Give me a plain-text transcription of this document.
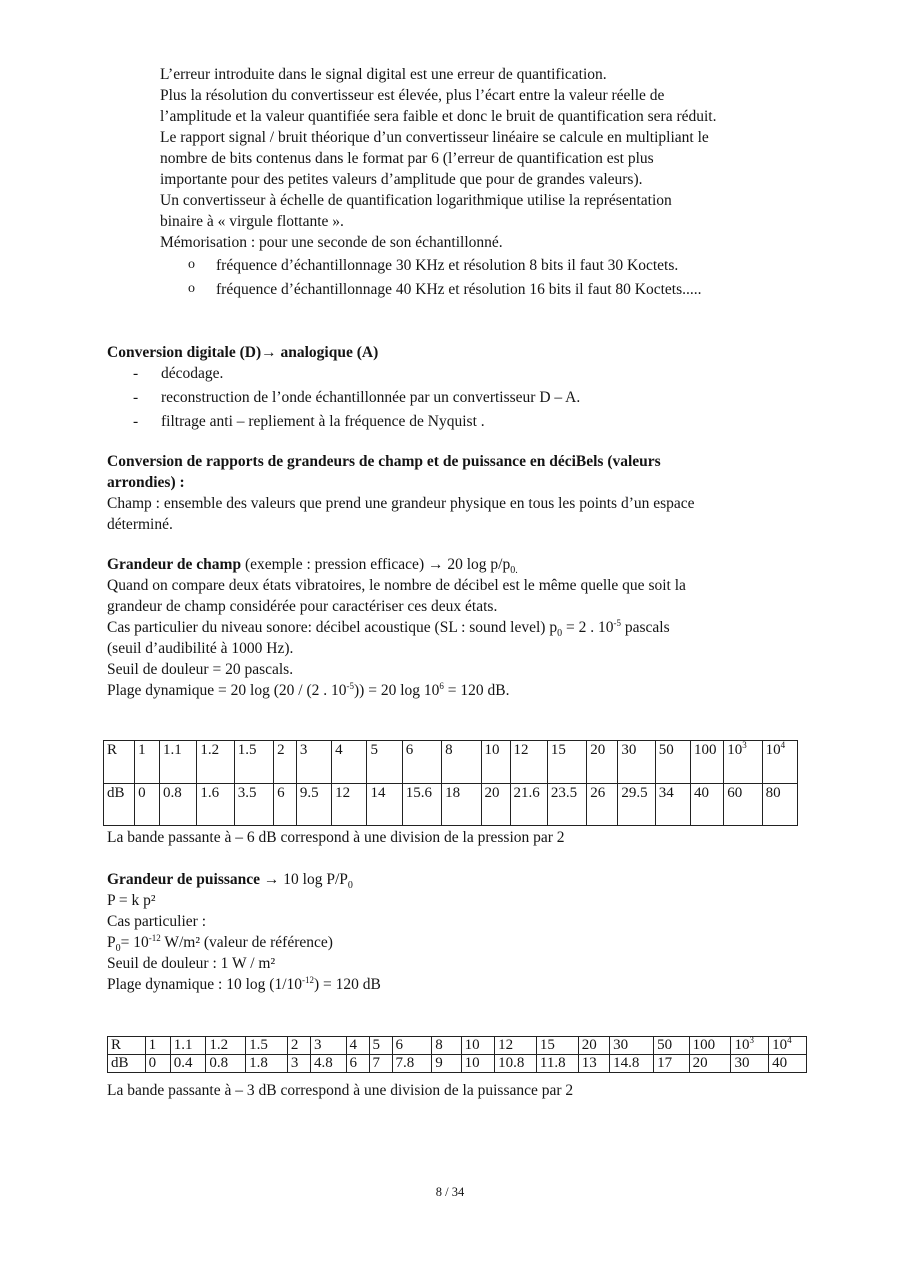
L’erreur introduite dans le signal digital est une erreur de quantification.
Plus la résolution du convertisseur est élevée, plus l’écart entre la valeur réelle de
l’amplitude et la valeur quantifiée sera faible et donc le bruit de quantification sera réduit.
Le rapport signal / bruit théorique d’un convertisseur linéaire se calcule en multipliant le
nombre de bits contenus dans le format par 6 (l’erreur de quantification est plus
importante pour des petites valeurs d’amplitude que pour de grandes valeurs).
Un convertisseur à échelle de quantification logarithmique utilise la représentation
binaire à « virgule flottante ».
Mémorisation : pour une seconde de son échantillonné.
o fréquence d’échantillonnage 30 KHz et résolution 8 bits il faut 30 Koctets.
o fréquence d’échantillonnage 40 KHz et résolution 16 bits il faut 80 Koctets.....
Conversion digitale (D)→ analogique (A)
- décodage.
- reconstruction de l’onde échantillonnée par un convertisseur D – A.
- filtrage anti – repliement à la fréquence de Nyquist .
Conversion de rapports de grandeurs de champ et de puissance en déciBels (valeurs
arrondies) :
Champ : ensemble des valeurs que prend une grandeur physique en tous les points d’un espace
déterminé.
Grandeur de champ (exemple : pression efficace) → 20 $\log p/p_{0.}$
Quand on compare deux états vibratoires, le nombre de décibel est le même quelle que soit la
grandeur de champ considérée pour caractériser ces deux états.
Cas particulier du niveau sonore: décibel acoustique (SL : sound level) $p_0 = 2$ . $10^{-5}$ pascals
(seuil d’audibilité à 1000 Hz).
Seuil de douleur = 20 pascals.
Plage dynamique = 20 log (20 / (2 . $10^{-5})) = 20$ $\log 10^6 = 120$ dB.
R	1	1.1	1.2	1.5	2	3	4	5	6	8	10	12	15	20	30	50	100	$10^3$	$10^4$
dB	0	0.8	1.6	3.5	6	9.5	12	14	15.6	18	20	21.6	23.5	26	29.5	34	40	60	80
La bande passante à – 6 dB correspond à une division de la pression par 2
Grandeur de puissance → 10 $\log P/P_0$
P = k p²
Cas particulier :
$P_0= 10^{-12}$ W/m² (valeur de référence)
Seuil de douleur : 1 W / m²
Plage dynamique : 10 $\log (1/10^{-12}) = 120$ dB
R	1	1.1	1.2	1.5	2	3	4	5	6	8	10	12	15	20	30	50	100	$10^3$	$10^4$
dB	0	0.4	0.8	1.8	3	4.8	6	7	7.8	9	10	10.8	11.8	13	14.8	17	20	30	40
La bande passante à – 3 dB correspond à une division de la puissance par 2
8 / 34
